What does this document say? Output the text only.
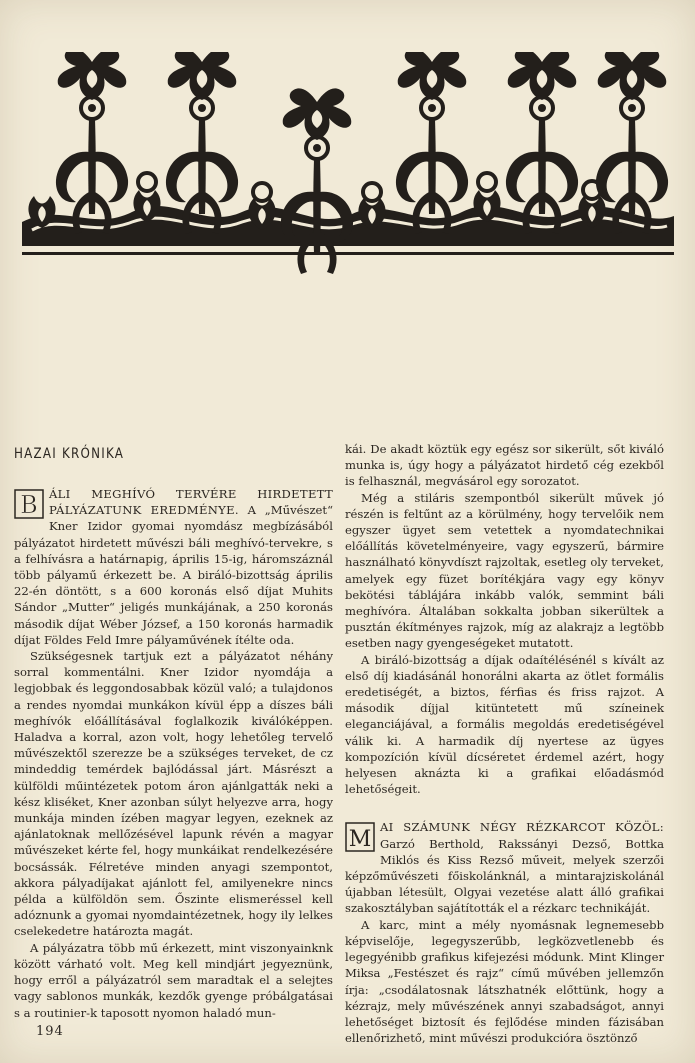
HAZAI KRÓNIKA

B ÁLI MEGHÍVÓ TERVÉRE HIRDETETT PÁLYÁZATUNK EREDMÉNYE. A „Művészet“ Kner Izidor gyomai nyomdász megbízásából pályázatot hirdetett művészi báli meghívó-tervekre, s a felhívásra a határnapig, április 15-ig, háromszáznál több pályamű érkezett be. A biráló-bizottság április 22-én döntött, s a 600 koronás első díjat Muhits Sándor „Mutter“ jeligés munkájának, a 250 koronás második díjat Wéber József, a 150 koronás harmadik díjat Földes Feld Imre pályaművének ítélte oda.

Szükségesnek tartjuk ezt a pályázatot néhány sorral kommentálni. Kner Izidor nyomdája a legjobbak és leggondosabbak közül való; a tulajdonos a rendes nyomdai munkákon kívül épp a díszes báli meghívók előállításával foglalkozik kiválóképpen. Haladva a korral, azon volt, hogy lehetőleg tervelő művészektől szerezze be a szükséges terveket, de cz mindeddig temérdek bajlódással járt. Másrészt a külföldi műintézetek potom áron ajánlgatták neki a kész kliséket, Kner azonban súlyt helyezve arra, hogy munkája minden ízében magyar legyen, ezeknek az ajánlatoknak mellőzésével lapunk révén a magyar művészeket kérte fel, hogy munkáikat rendelkezésére bocsássák. Félretéve minden anyagi szempontot, akkora pályadíjakat ajánlott fel, amilyenekre nincs példa a külföldön sem. Őszinte elismeréssel kell adóznunk a gyomai nyomdaintézetnek, hogy ily lelkes cselekedetre határozta magát.

A pályázatra több mű érkezett, mint viszonyainknk között várható volt. Meg kell mindjárt jegyeznünk, hogy erről a pályázatról sem maradtak el a selejtes vagy sablonos munkák, kezdők gyenge próbálgatásai s a routinier-k taposott nyomon haladó mun-

kái. De akadt köztük egy egész sor sikerült, sőt kiváló munka is, úgy hogy a pályázatot hirdető cég ezekből is felhasznál, megvásárol egy sorozatot.

Még a stiláris szempontból sikerült művek jó részén is feltűnt az a körülmény, hogy tervelőik nem egyszer ügyet sem vetettek a nyomdatechnikai előállítás követelményeire, vagy egyszerű, bármire használható könyvdíszt rajzoltak, esetleg oly terveket, amelyek egy füzet borítékjára vagy egy könyv bekötési táblájára inkább valók, semmint báli meghívóra. Általában sokkalta jobban sikerültek a pusztán ékítményes rajzok, míg az alakrajz a legtöbb esetben nagy gyengeségeket mutatott.

A biráló-bizottság a díjak odaítélésénél s kívált az első díj kiadásánál honorálni akarta az ötlet formális eredetiségét, a biztos, férfias és friss rajzot. A második díjjal kitüntetett mű színeinek eleganciájával, a formális megoldás eredetiségével válik ki. A harmadik díj nyertese az ügyes kompozíción kívül dícséretet érdemel azért, hogy helyesen aknázta ki a grafikai előadásmód lehetőségeit.

M AI SZÁMUNK NÉGY RÉZKARCOT KÖZÖL: Garzó Berthold, Rakssányi Dezső, Bottka Miklós és Kiss Rezső műveit, melyek szerzői képzőművészeti főiskolánknál, a mintarajziskolánál újabban létesült, Olgyai vezetése alatt álló grafikai szakosztályban sajátították el a rézkarc technikáját.

A karc, mint a mély nyomásnak legnemesebb képviselője, legegyszerűbb, legközvetlenebb és legegyénibb grafikus kifejezési módunk. Mint Klinger Miksa „Festészet és rajz“ című művében jellemzőn írja: „csodálatosnak látszhatnék előttünk, hogy a kézrajz, mely művészének annyi szabadságot, annyi lehetőséget biztosít és fejlődése minden fázisában ellenőrizhető, mint művészi produkcióra ösztönző

194
